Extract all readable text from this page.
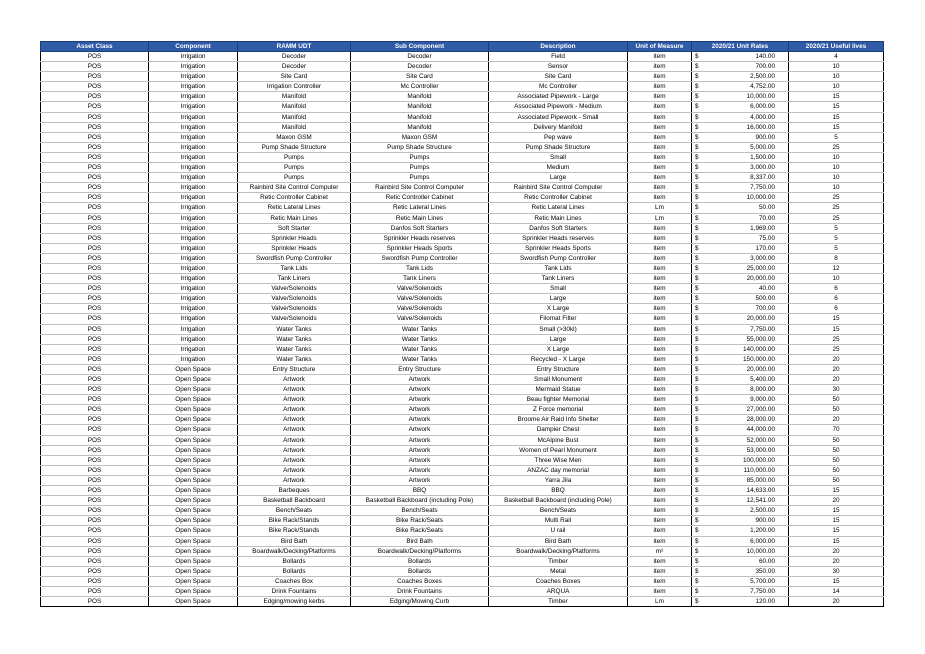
Asset Class	Component	RAMM UDT	Sub Component	Description	Unit of Measure	2020/21 Unit Rates	2020/21 Useful lives
POS	Irrigation	Decoder	Decoder	Field	item	$ 140.00	4
POS	Irrigation	Decoder	Decoder	Sensor	item	$ 700.00	10
POS	Irrigation	Site Card	Site Card	Site Card	item	$ 2,500.00	10
POS	Irrigation	Irrigation Controller	Mc Controller	Mc Controller	item	$ 4,752.00	10
POS	Irrigation	Manifold	Manifold	Associated Pipework - Large	item	$ 10,000.00	15
POS	Irrigation	Manifold	Manifold	Associated Pipework - Medium	item	$ 6,000.00	15
POS	Irrigation	Manifold	Manifold	Associated Pipework - Small	item	$ 4,000.00	15
POS	Irrigation	Manifold	Manifold	Delivery Manifold	item	$ 16,000.00	15
POS	Irrigation	Maxon GSM	Maxon GSM	Pep wave	item	$ 900.00	5
POS	Irrigation	Pump Shade Structure	Pump Shade Structure	Pump Shade Structure	item	$ 5,000.00	25
POS	Irrigation	Pumps	Pumps	Small	item	$ 1,500.00	10
POS	Irrigation	Pumps	Pumps	Medium	item	$ 3,000.00	10
POS	Irrigation	Pumps	Pumps	Large	item	$ 8,337.00	10
POS	Irrigation	Rainbird Site Control Computer	Rainbird Site Control Computer	Rainbird Site Control Computer	item	$ 7,750.00	10
POS	Irrigation	Retic Controller Cabinet	Retic Controller Cabinet	Retic Controller Cabinet	item	$ 10,000.00	25
POS	Irrigation	Retic Lateral Lines	Retic Lateral Lines	Retic Lateral Lines	Lm	$ 50.00	25
POS	Irrigation	Retic Main Lines	Retic Main Lines	Retic Main Lines	Lm	$ 70.00	25
POS	Irrigation	Soft Starter	Danfos Soft Starters	Danfos Soft Starters	item	$ 1,969.00	5
POS	Irrigation	Sprinkler Heads	Sprinkler Heads reserves	Sprinkler Heads reserves	item	$ 75.00	5
POS	Irrigation	Sprinkler Heads	Sprinkler Heads Sports	Sprinkler Heads Sports	item	$ 170.00	5
POS	Irrigation	Swordfish Pump Controller	Swordfish Pump Controller	Swordfish Pump Controller	item	$ 3,000.00	8
POS	Irrigation	Tank Lids	Tank Lids	Tank Lids	item	$ 25,000.00	12
POS	Irrigation	Tank Liners	Tank Liners	Tank Liners	item	$ 20,000.00	10
POS	Irrigation	Valve/Solenoids	Valve/Solenoids	Small	item	$ 40.00	6
POS	Irrigation	Valve/Solenoids	Valve/Solenoids	Large	item	$ 500.00	6
POS	Irrigation	Valve/Solenoids	Valve/Solenoids	X Large	item	$ 700.00	6
POS	Irrigation	Valve/Solenoids	Valve/Solenoids	Filomat Filter	item	$ 20,000.00	15
POS	Irrigation	Water Tanks	Water Tanks	Small (>30kl)	item	$ 7,750.00	15
POS	Irrigation	Water Tanks	Water Tanks	Large	item	$ 55,000.00	25
POS	Irrigation	Water Tanks	Water Tanks	X Large	item	$ 140,000.00	25
POS	Irrigation	Water Tanks	Water Tanks	Recycled - X Large	item	$ 150,000.00	20
POS	Open Space	Entry Structure	Entry Structure	Entry Structure	item	$ 20,000.00	20
POS	Open Space	Artwork	Artwork	Small Monument	item	$ 5,400.00	20
POS	Open Space	Artwork	Artwork	Mermaid Statue	item	$ 8,000.00	30
POS	Open Space	Artwork	Artwork	Beau fighter Memorial	item	$ 9,000.00	50
POS	Open Space	Artwork	Artwork	Z Force memorial	item	$ 27,000.00	50
POS	Open Space	Artwork	Artwork	Broome Air Raid Info Shelter	item	$ 28,000.00	20
POS	Open Space	Artwork	Artwork	Dampier Chest	item	$ 44,000.00	70
POS	Open Space	Artwork	Artwork	McAlpine Bust	item	$ 52,000.00	50
POS	Open Space	Artwork	Artwork	Women of Pearl Monument	item	$ 53,000.00	50
POS	Open Space	Artwork	Artwork	Three Wise Men	item	$ 100,000.00	50
POS	Open Space	Artwork	Artwork	ANZAC day memorial	item	$ 110,000.00	50
POS	Open Space	Artwork	Artwork	Yarra Jila	item	$ 85,000.00	50
POS	Open Space	Barbeques	BBQ	BBQ	item	$ 14,633.00	15
POS	Open Space	Basketball Backboard	Basketball Backboard (including Pole)	Basketball Backboard (including Pole)	item	$ 12,541.00	20
POS	Open Space	Bench/Seats	Bench/Seats	Bench/Seats	item	$ 2,500.00	15
POS	Open Space	Bike Rack/Stands	Bike Rack/Seats	Multi Rail	item	$ 900.00	15
POS	Open Space	Bike Rack/Stands	Bike Rack/Seats	U rail	item	$ 1,200.00	15
POS	Open Space	Bird Bath	Bird Bath	Bird Bath	item	$ 6,000.00	15
POS	Open Space	Boardwalk/Decking/Platforms	Boardwalk/Decking/Platforms	Boardwalk/Decking/Platforms	m²	$ 10,000.00	20
POS	Open Space	Bollards	Bollards	Timber	item	$ 60.00	20
POS	Open Space	Bollards	Bollards	Metal	item	$ 350.00	30
POS	Open Space	Coaches Box	Coaches Boxes	Coaches Boxes	item	$ 5,700.00	15
POS	Open Space	Drink Fountains	Drink Fountains	ARQUA	item	$ 7,750.00	14
POS	Open Space	Edging/mowing kerbs	Edging/Mowing Curb	Timber	Lm	$ 120.00	20
